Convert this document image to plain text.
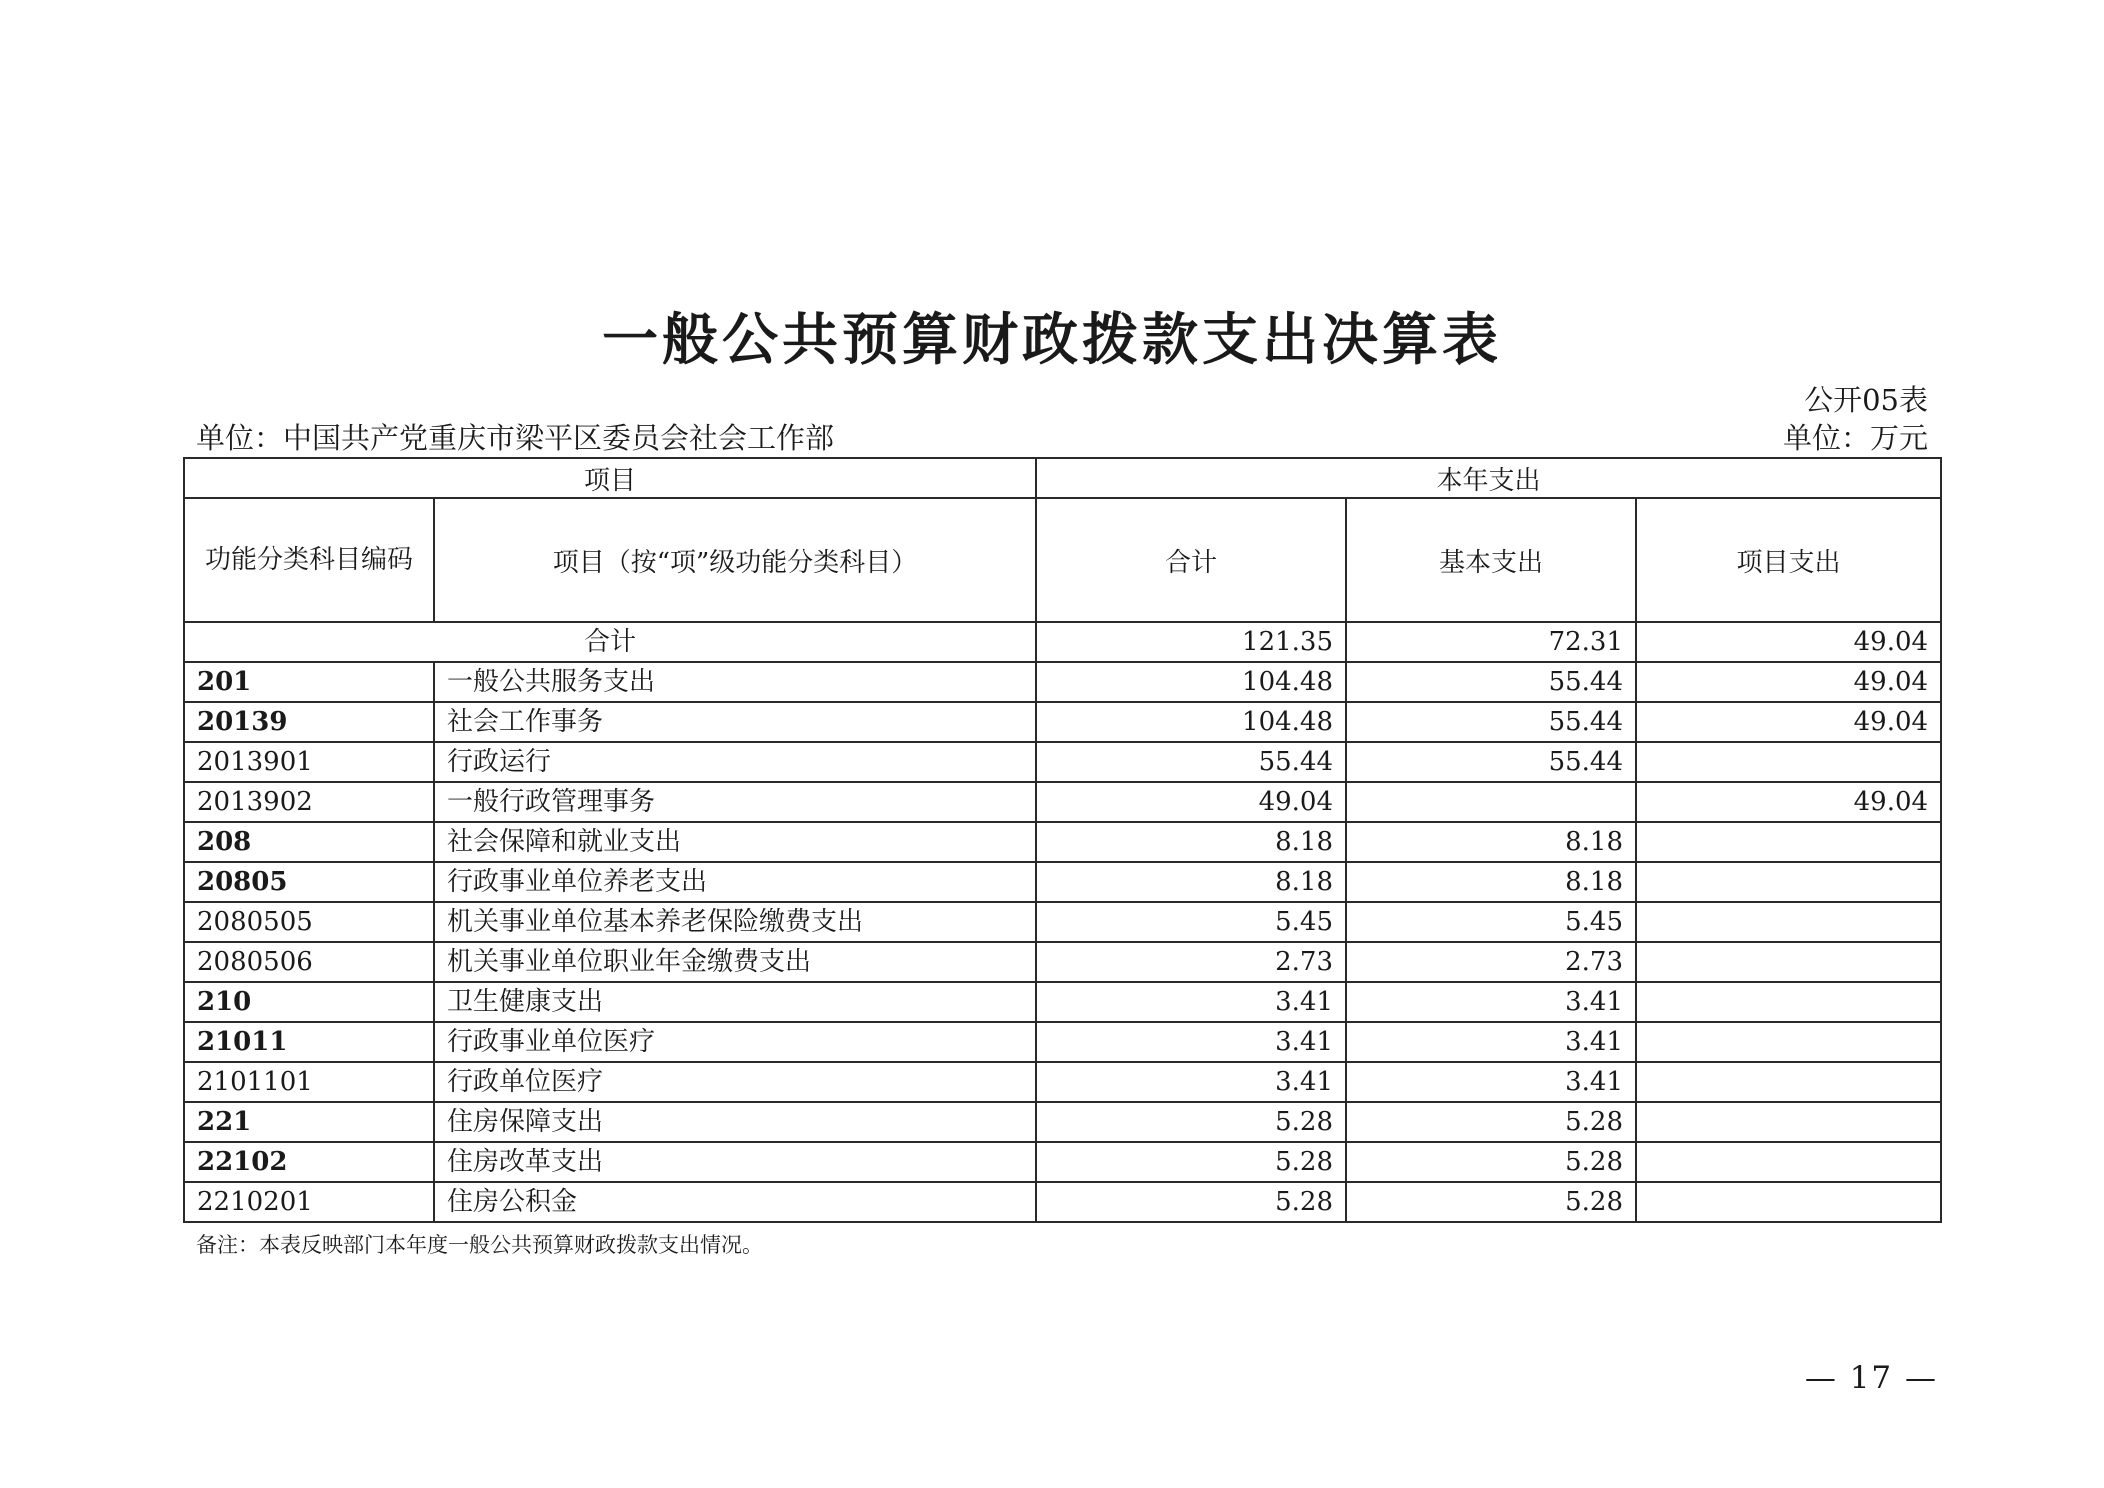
一般公共预算财政拨款支出决算表
公开05表
单位：中国共产党重庆市梁平区委员会社会工作部	单位：万元
项目		本年支出		
功能分类科目编码	项目（按“项”级功能分类科目）	合计	基本支出	项目支出
合计		121.35	72.31	49.04
201	一般公共服务支出	104.48	55.44	49.04
20139	社会工作事务	104.48	55.44	49.04
2013901	行政运行	55.44	55.44	
2013902	一般行政管理事务	49.04		49.04
208	社会保障和就业支出	8.18	8.18	
20805	行政事业单位养老支出	8.18	8.18	
2080505	机关事业单位基本养老保险缴费支出	5.45	5.45	
2080506	机关事业单位职业年金缴费支出	2.73	2.73	
210	卫生健康支出	3.41	3.41	
21011	行政事业单位医疗	3.41	3.41	
2101101	行政单位医疗	3.41	3.41	
221	住房保障支出	5.28	5.28	
22102	住房改革支出	5.28	5.28	
2210201	住房公积金	5.28	5.28	
备注：本表反映部门本年度一般公共预算财政拨款支出情况。
— 17 —
